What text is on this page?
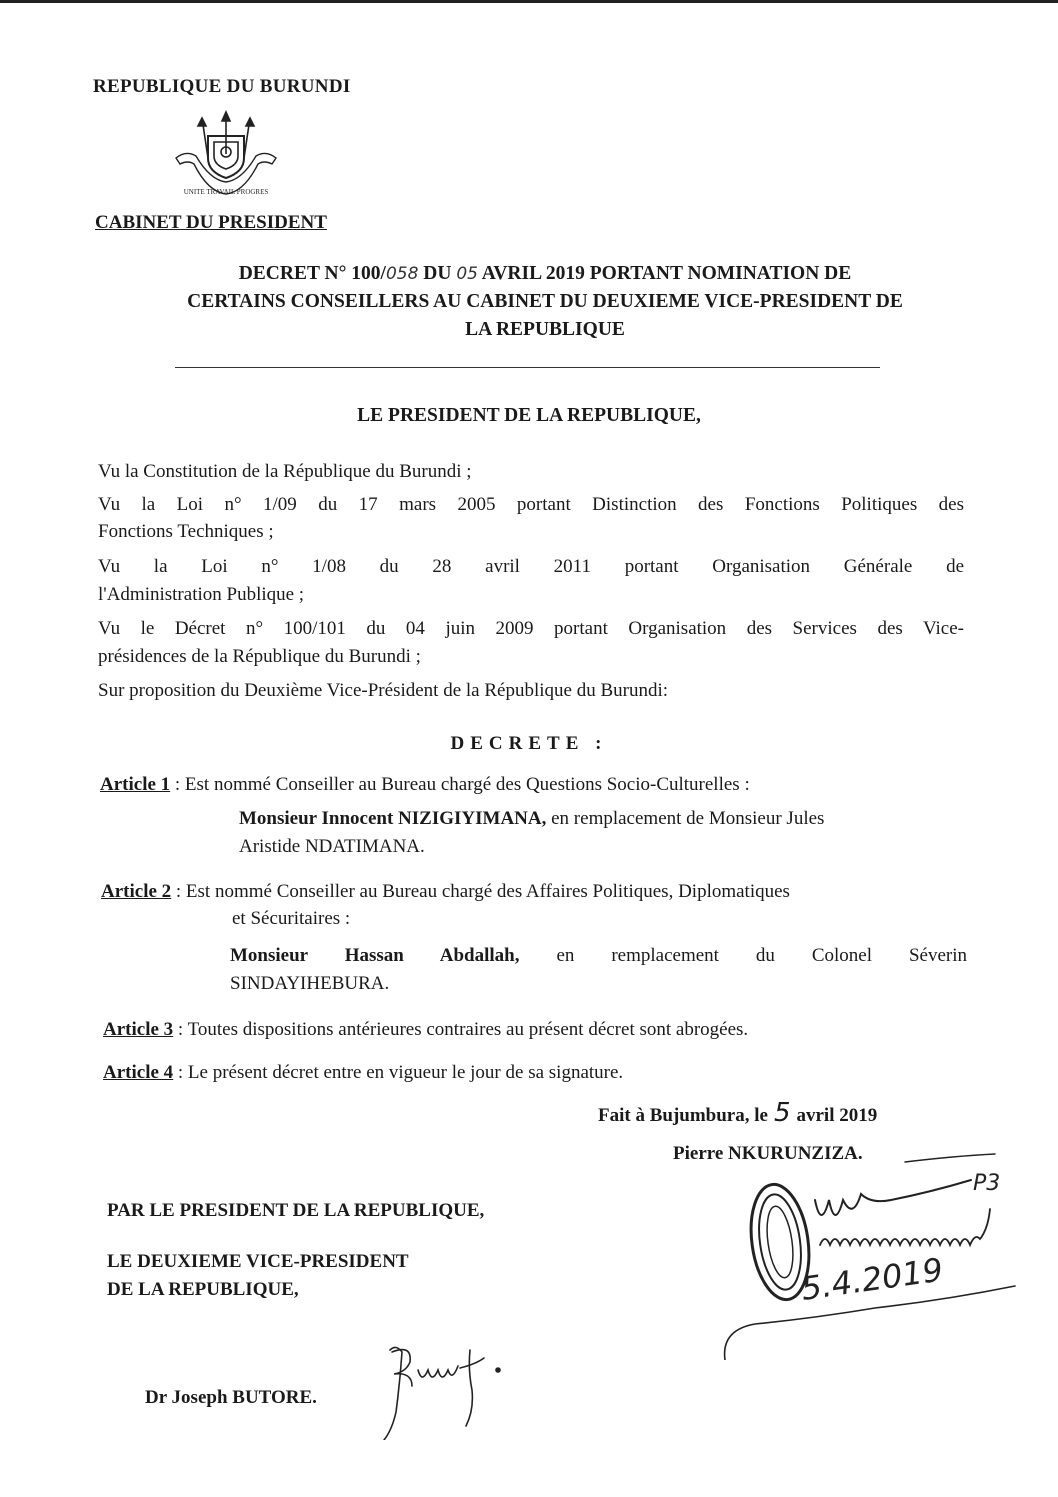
REPUBLIQUE DU BURUNDI
UNITE TRAVAIL PROGRES
CABINET DU PRESIDENT
DECRET N° 100/058 DU 05 AVRIL 2019 PORTANT NOMINATION DE
CERTAINS CONSEILLERS AU CABINET DU DEUXIEME VICE-PRESIDENT DE
LA REPUBLIQUE
LE PRESIDENT DE LA REPUBLIQUE,
Vu la Constitution de la République du Burundi ;
Vu la Loi n° 1/09 du 17 mars 2005 portant Distinction des Fonctions Politiques des
Fonctions Techniques ;
Vu la Loi n° 1/08 du 28 avril 2011 portant Organisation Générale de
l'Administration Publique ;
Vu le Décret n° 100/101 du 04 juin 2009 portant Organisation des Services des Vice-
présidences de la République du Burundi ;
Sur proposition du Deuxième Vice-Président de la République du Burundi:
DECRETE :
Article 1 : Est nommé Conseiller au Bureau chargé des Questions Socio-Culturelles :
Monsieur Innocent NIZIGIYIMANA, en remplacement de Monsieur Jules
Aristide NDATIMANA.
Article 2 : Est nommé Conseiller au Bureau chargé des Affaires Politiques, Diplomatiques
et Sécuritaires :
Monsieur Hassan Abdallah, en remplacement du Colonel Séverin
SINDAYIHEBURA.
Article 3 : Toutes dispositions antérieures contraires au présent décret sont abrogées.
Article 4 : Le présent décret entre en vigueur le jour de sa signature.
Fait à Bujumbura, le 5 avril 2019
Pierre NKURUNZIZA.
PAR LE PRESIDENT DE LA REPUBLIQUE,
LE DEUXIEME VICE-PRESIDENT
DE LA REPUBLIQUE,
Dr Joseph BUTORE.
P3
5.4.2019
